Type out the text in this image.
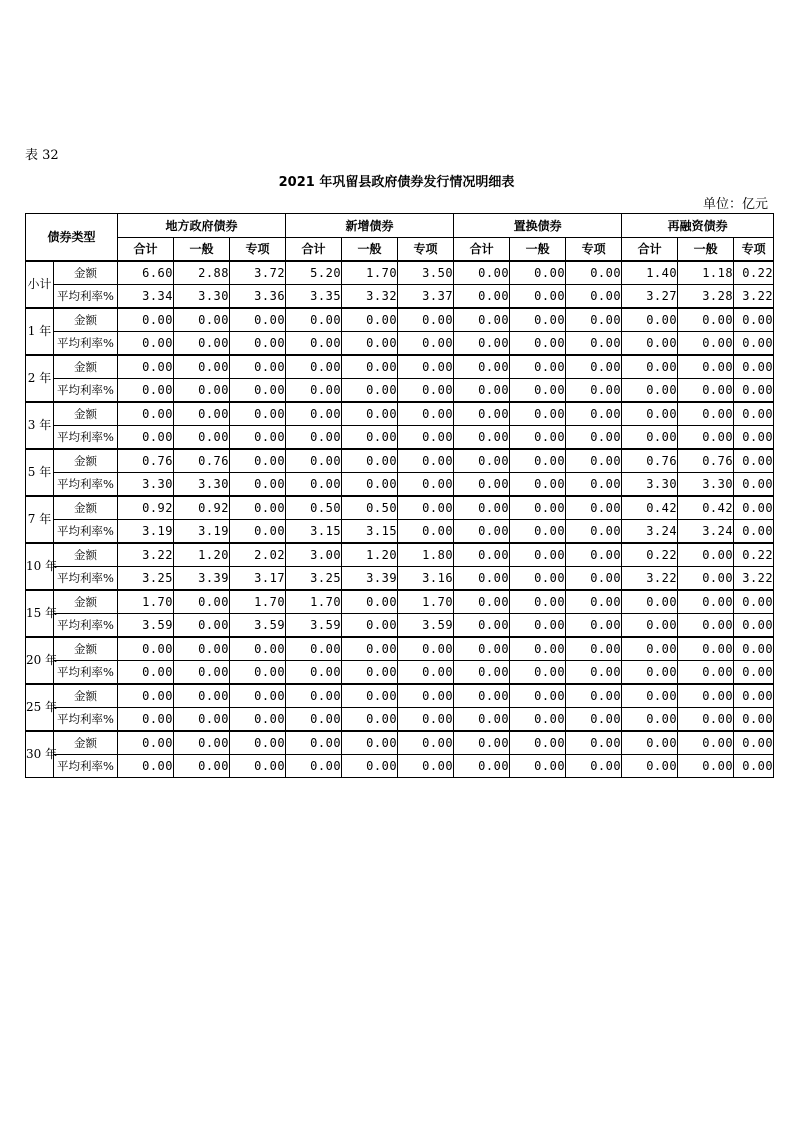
表 32
2021 年巩留县政府债券发行情况明细表
单位：亿元
债券类型		地方政府债券			新增债券			置换债券			再融资债券		
		合计	一般	专项	合计	一般	专项	合计	一般	专项	合计	一般	专项
小计	金额	6.60	2.88	3.72	5.20	1.70	3.50	0.00	0.00	0.00	1.40	1.18	0.22
	平均利率%	3.34	3.30	3.36	3.35	3.32	3.37	0.00	0.00	0.00	3.27	3.28	3.22
1 年	金额	0.00	0.00	0.00	0.00	0.00	0.00	0.00	0.00	0.00	0.00	0.00	0.00
	平均利率%	0.00	0.00	0.00	0.00	0.00	0.00	0.00	0.00	0.00	0.00	0.00	0.00
2 年	金额	0.00	0.00	0.00	0.00	0.00	0.00	0.00	0.00	0.00	0.00	0.00	0.00
	平均利率%	0.00	0.00	0.00	0.00	0.00	0.00	0.00	0.00	0.00	0.00	0.00	0.00
3 年	金额	0.00	0.00	0.00	0.00	0.00	0.00	0.00	0.00	0.00	0.00	0.00	0.00
	平均利率%	0.00	0.00	0.00	0.00	0.00	0.00	0.00	0.00	0.00	0.00	0.00	0.00
5 年	金额	0.76	0.76	0.00	0.00	0.00	0.00	0.00	0.00	0.00	0.76	0.76	0.00
	平均利率%	3.30	3.30	0.00	0.00	0.00	0.00	0.00	0.00	0.00	3.30	3.30	0.00
7 年	金额	0.92	0.92	0.00	0.50	0.50	0.00	0.00	0.00	0.00	0.42	0.42	0.00
	平均利率%	3.19	3.19	0.00	3.15	3.15	0.00	0.00	0.00	0.00	3.24	3.24	0.00
10 年	金额	3.22	1.20	2.02	3.00	1.20	1.80	0.00	0.00	0.00	0.22	0.00	0.22
	平均利率%	3.25	3.39	3.17	3.25	3.39	3.16	0.00	0.00	0.00	3.22	0.00	3.22
15 年	金额	1.70	0.00	1.70	1.70	0.00	1.70	0.00	0.00	0.00	0.00	0.00	0.00
	平均利率%	3.59	0.00	3.59	3.59	0.00	3.59	0.00	0.00	0.00	0.00	0.00	0.00
20 年	金额	0.00	0.00	0.00	0.00	0.00	0.00	0.00	0.00	0.00	0.00	0.00	0.00
	平均利率%	0.00	0.00	0.00	0.00	0.00	0.00	0.00	0.00	0.00	0.00	0.00	0.00
25 年	金额	0.00	0.00	0.00	0.00	0.00	0.00	0.00	0.00	0.00	0.00	0.00	0.00
	平均利率%	0.00	0.00	0.00	0.00	0.00	0.00	0.00	0.00	0.00	0.00	0.00	0.00
30 年	金额	0.00	0.00	0.00	0.00	0.00	0.00	0.00	0.00	0.00	0.00	0.00	0.00
	平均利率%	0.00	0.00	0.00	0.00	0.00	0.00	0.00	0.00	0.00	0.00	0.00	0.00
